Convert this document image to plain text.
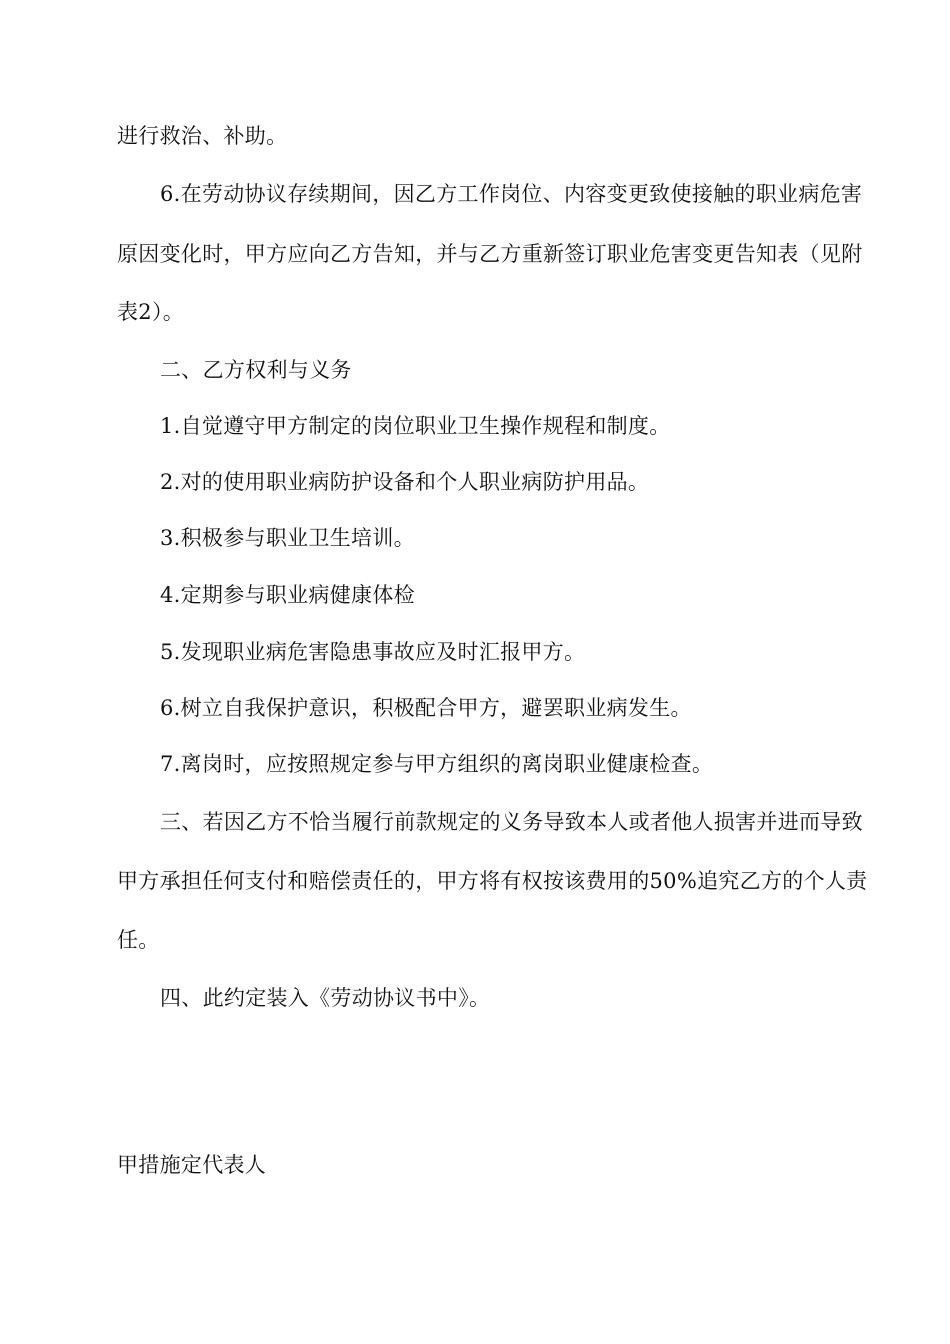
进行救治、补助。
6.在劳动协议存续期间，因乙方工作岗位、内容变更致使接触的职业病危害
原因变化时，甲方应向乙方告知，并与乙方重新签订职业危害变更告知表（见附
表2）。
二、乙方权利与义务
1.自觉遵守甲方制定的岗位职业卫生操作规程和制度。
2.对的使用职业病防护设备和个人职业病防护用品。
3.积极参与职业卫生培训。
4.定期参与职业病健康体检
5.发现职业病危害隐患事故应及时汇报甲方。
6.树立自我保护意识，积极配合甲方，避罢职业病发生。
7.离岗时，应按照规定参与甲方组织的离岗职业健康检查。
三、若因乙方不恰当履行前款规定的义务导致本人或者他人损害并进而导致
甲方承担任何支付和赔偿责任的，甲方将有权按该费用的50%追究乙方的个人责
任。
四、此约定装入《劳动协议书中》。
甲措施定代表人
